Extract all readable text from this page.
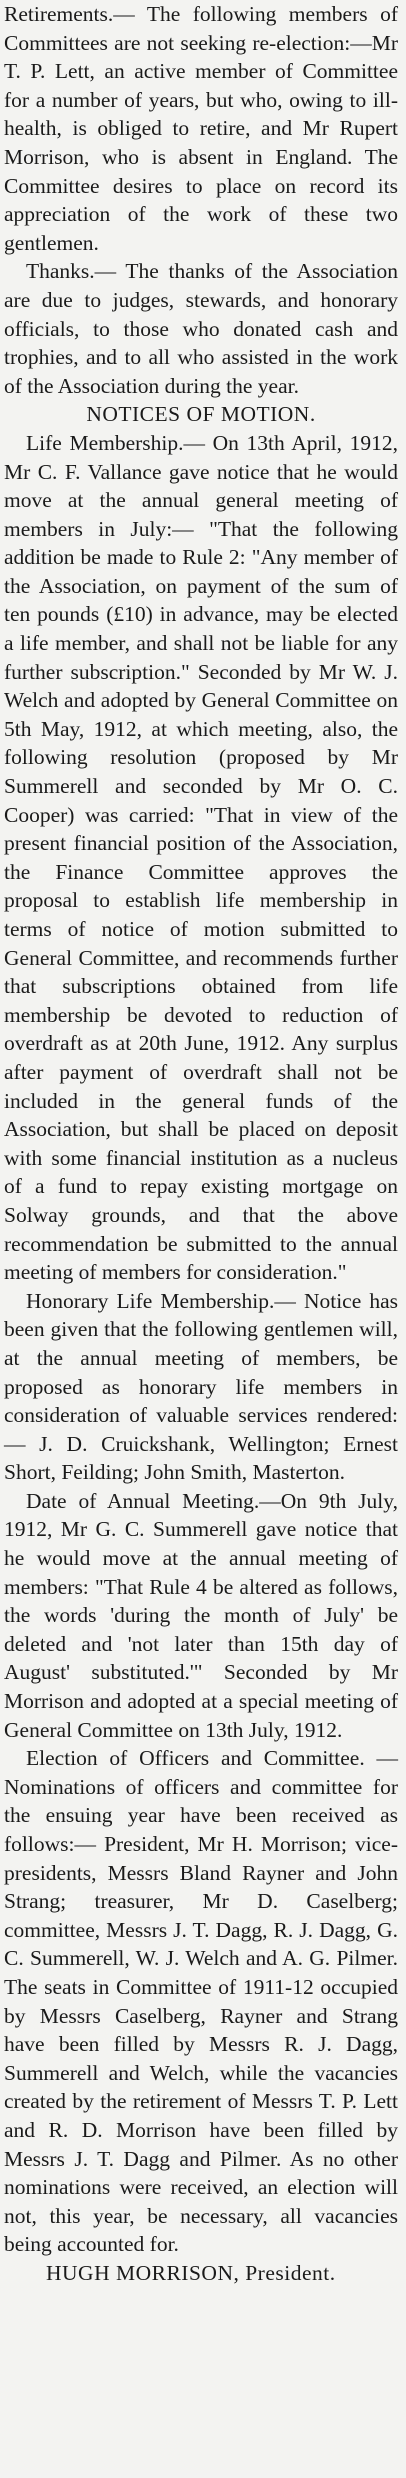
Retirements.— The following members of Committees are not seeking re-election:—Mr T. P. Lett, an active member of Committee for a number of years, but who, owing to ill-health, is obliged to retire, and Mr Rupert Morrison, who is absent in England. The Committee desires to place on record its appreciation of the work of these two gentlemen.

Thanks.— The thanks of the Association are due to judges, stewards, and honorary officials, to those who donated cash and trophies, and to all who assisted in the work of the Association during the year.

NOTICES OF MOTION.

Life Membership.— On 13th April, 1912, Mr C. F. Vallance gave notice that he would move at the annual general meeting of members in July:— "That the following addition be made to Rule 2: "Any member of the Association, on payment of the sum of ten pounds (£10) in advance, may be elected a life member, and shall not be liable for any further subscription." Seconded by Mr W. J. Welch and adopted by General Committee on 5th May, 1912, at which meeting, also, the following resolution (proposed by Mr Summerell and seconded by Mr O. C. Cooper) was carried: "That in view of the present financial position of the Association, the Finance Committee approves the proposal to establish life membership in terms of notice of motion submitted to General Committee, and recommends further that subscriptions obtained from life membership be devoted to reduction of overdraft as at 20th June, 1912. Any surplus after payment of overdraft shall not be included in the general funds of the Association, but shall be placed on deposit with some financial institution as a nucleus of a fund to repay existing mortgage on Solway grounds, and that the above recommendation be submitted to the annual meeting of members for consideration."

Honorary Life Membership.— Notice has been given that the following gentlemen will, at the annual meeting of members, be proposed as honorary life members in consideration of valuable services rendered:— J. D. Cruickshank, Wellington; Ernest Short, Feilding; John Smith, Masterton.

Date of Annual Meeting.—On 9th July, 1912, Mr G. C. Summerell gave notice that he would move at the annual meeting of members: "That Rule 4 be altered as follows, the words 'during the month of July' be deleted and 'not later than 15th day of August' substituted.'" Seconded by Mr Morrison and adopted at a special meeting of General Committee on 13th July, 1912.

Election of Officers and Committee. —Nominations of officers and committee for the ensuing year have been received as follows:— President, Mr H. Morrison; vice-presidents, Messrs Bland Rayner and John Strang; treasurer, Mr D. Caselberg; committee, Messrs J. T. Dagg, R. J. Dagg, G. C. Summerell, W. J. Welch and A. G. Pilmer. The seats in Committee of 1911-12 occupied by Messrs Caselberg, Rayner and Strang have been filled by Messrs R. J. Dagg, Summerell and Welch, while the vacancies created by the retirement of Messrs T. P. Lett and R. D. Morrison have been filled by Messrs J. T. Dagg and Pilmer. As no other nominations were received, an election will not, this year, be necessary, all vacancies being accounted for.

HUGH MORRISON, President.
